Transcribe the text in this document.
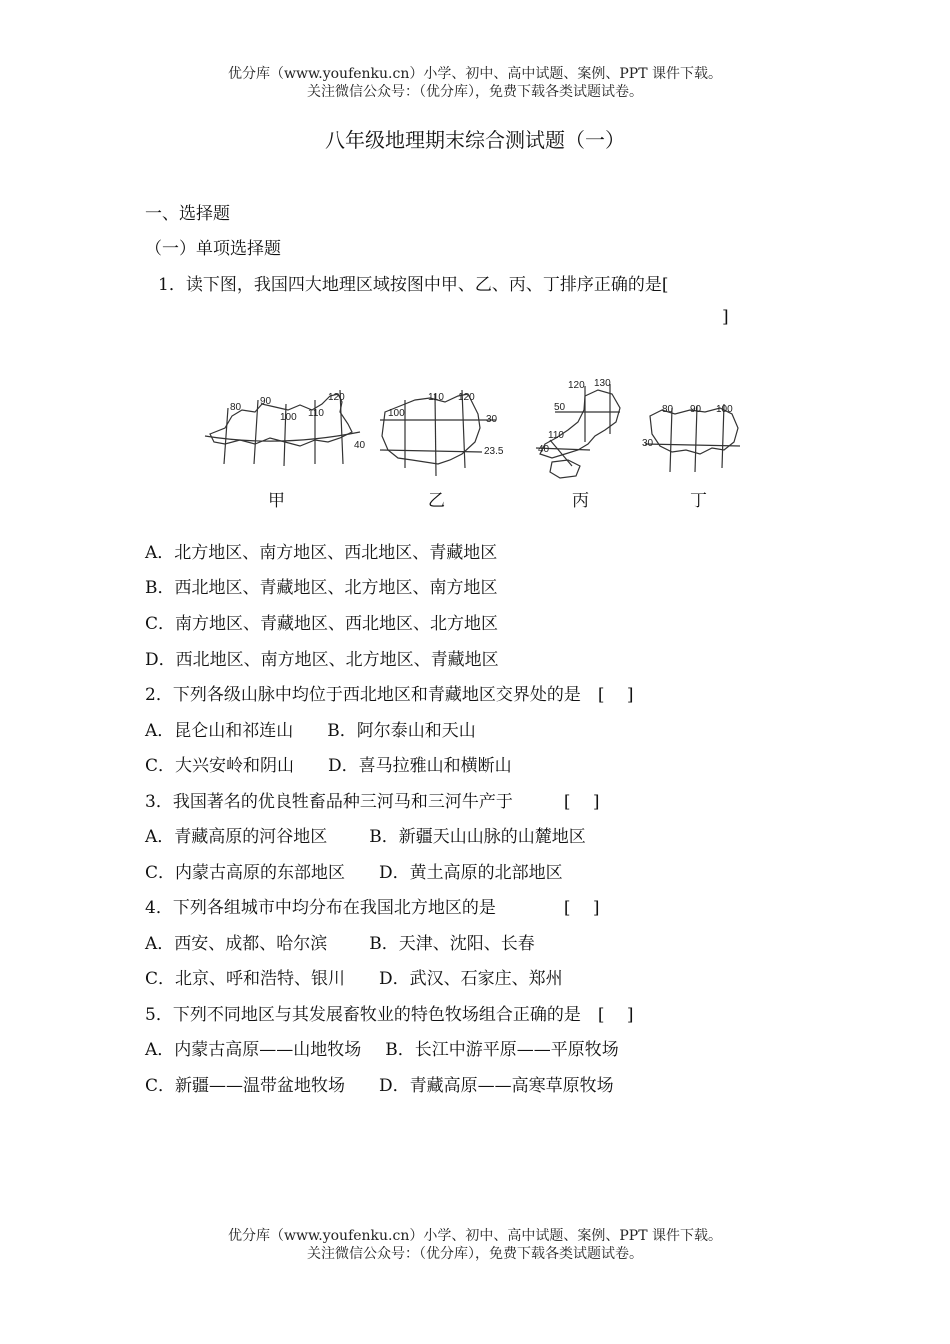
优分库（www.youfenku.cn）小学、初中、高中试题、案例、PPT 课件下载。
关注微信公众号：（优分库），免费下载各类试题试卷。
八年级地理期末综合测试题（一）
一、选择题
（一）单项选择题
1．读下图，我国四大地理区域按图中甲、乙、丙、丁排序正确的是[
]
80
90
100 110
120
40
100
110 120
30
23.5
120 130
50
110
40
80 90 100
30
甲	乙	丙	丁
A．北方地区、南方地区、西北地区、青藏地区
B．西北地区、青藏地区、北方地区、南方地区
C．南方地区、青藏地区、西北地区、北方地区
D．西北地区、南方地区、北方地区、青藏地区
2．下列各级山脉中均位于西北地区和青藏地区交界处的是　[　 ]
A．昆仑山和祁连山 B．阿尔泰山和天山
C．大兴安岭和阴山 D．喜马拉雅山和横断山
3．我国著名的优良牲畜品种三河马和三河牛产于　　　[　 ]
A．青藏高原的河谷地区 B．新疆天山山脉的山麓地区
C．内蒙古高原的东部地区 D．黄土高原的北部地区
4．下列各组城市中均分布在我国北方地区的是　　　　[　 ]
A．西安、成都、哈尔滨 B．天津、沈阳、长春
C．北京、呼和浩特、银川 D．武汉、石家庄、郑州
5．下列不同地区与其发展畜牧业的特色牧场组合正确的是　[　 ]
A．内蒙古高原——山地牧场 B．长江中游平原——平原牧场
C．新疆——温带盆地牧场 D．青藏高原——高寒草原牧场
优分库（www.youfenku.cn）小学、初中、高中试题、案例、PPT 课件下载。
关注微信公众号：（优分库），免费下载各类试题试卷。
